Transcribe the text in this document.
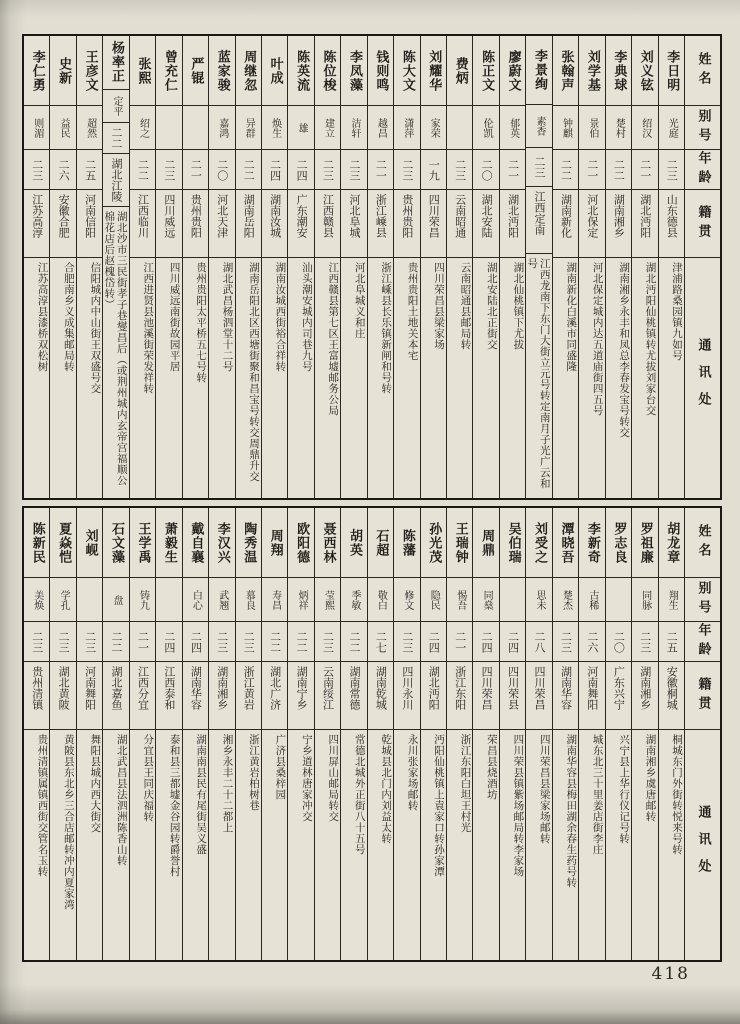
李仁勇
则湄
二三
江苏高淳
江苏高淳县漆桥双松树
史新
益民
二六
安徽合肥
合肥南乡义成集邮局转
王彦文
超然
二五
河南信阳
信阳城内中山街王双盛号交
杨率正
定平
二二
湖北江陵
湖北沙市三民街孝子巷燮昌后（或荆州城内玄帝宫福顺公棉花店后赵槐岱转）
张熙
绍之
二二
江西临川
江西进贤县池溪街荣发祥转
曾充仁
二三
四川威远
四川威远南街故园平居
严锟
二一
贵州贵阳
贵州贵阳太平桥五七号转
蓝家骏
嘉鸿
二〇
河北天津
湖北武昌杨泗堂十二号
周继忽
异群
二二
湖南岳阳
湖南岳阳北区西塘街聚和昌宝号转交周鼎升交
叶成
焕生
二四
湖南汝城
湖南汝城西街裕合祥转
陈英流
雄
二四
广东潮安
汕头潮安城内司巷九号
陈位梭
建立
二三
江西赣县
江西赣县第七区王富墟邮务公局
李凤藻
洁轩
二三
河北阜城
河北阜城义和庄
钱则鸣
越昌
二一
浙江嵊县
浙江嵊县长乐镇新闸和号转
陈大文
潇萍
二三
贵州贵阳
贵州贵阳土地关本宅
刘耀华
家荣
一九
四川荣昌
四川荣昌县梁家场
费炳
二三
云南昭通
云南昭通县邮局转
陈正文
伦凯
二〇
湖北安陆
湖北安陆北正街交
廖蔚文
郁英
二一
湖北沔阳
湖北仙桃镇下尤拔
李景绚
素香
二三
江西定南
江西龙南下东门大街立元号转定南月子光广云和号
张翰声
钟麒
二二
湖南新化
湖南新化白溪市同盛隆
刘学基
景伯
二一
河北保定
河北保定城内达五道庙街四五号
李典球
楚村
二二
湖南湘乡
湖南湘乡永丰和凤总李春发宝号转交
刘义铉
绍汉
二一
湖北沔阳
湖北沔阳仙桃镇转尤拔刘家台交
李日明
光庭
二三
山东德县
津浦路桑园镇九如号
姓名
别号
年龄
籍贯
通讯处
陈新民
美焕
二三
贵州清镇
贵州清镇属镇西街交管名玉转
夏焱恺
学孔
二三
湖北黄陂
黄陂县东北乡三合店邮转冲内夏家湾
刘岘
二三
河南舞阳
舞阳县城内西大街交
石文藻
盘
二二
湖北嘉鱼
湖北武昌县法泗洲陈香山转
王学禹
铸九
二一
江西分宜
分宜县王同庆福转
萧毅生
二四
江西泰和
泰和县三都墟金谷园转爵誉村
戴自襄
白心
二四
湖南华容
湖南南县民有尾街吴义盛
李汉兴
武翘
二三
湖南湘乡
湘乡永丰二十二都上
陶秀温
慕良
二三
浙江黄岩
浙江黄岩柏树巷
周翔
寿昌
二二
湖北广济
广济县桑梓园
欧阳德
炳祥
二二
湖南宁乡
宁乡道林唐家冲交
聂西林
莹熙
二三
云南绥江
四川屏山邮局转交
胡英
季敏
二二
湖南常德
常德北城外正街八十五号
石超
敬白
二七
湖南乾城
乾城县北门内刘益太转
陈藩
修文
二三
四川永川
永川张家场邮转
孙光茂
隐民
二四
湖北沔阳
沔阳仙桃镇上袁家口转孙家潭
王瑞钟
惕吾
二一
浙江东阳
浙江东阳白坦王村光
周鼎
同燊
二四
四川荣昌
荣昌县烧酒坊
吴伯瑞
二四
四川荣县
四川荣县镇紫场邮局转李家场
刘受之
思未
二八
四川荣昌
四川荣昌县梁家场邮转
潭晓吾
楚杰
二三
湖南华容
湖南华容县梅田湖余春生药号转
李新奇
古稀
二六
河南舞阳
城东北三十里姜店街李庄
罗志良
二〇
广东兴宁
兴宁县上华行仪记号转
罗祖廉
同脉
二三
湖南湘乡
湖南湘乡虞唐邮转
胡龙章
翔生
二五
安徽桐城
桐城东门外街转悦来号转
姓名
别号
年龄
籍贯
通讯处
418
